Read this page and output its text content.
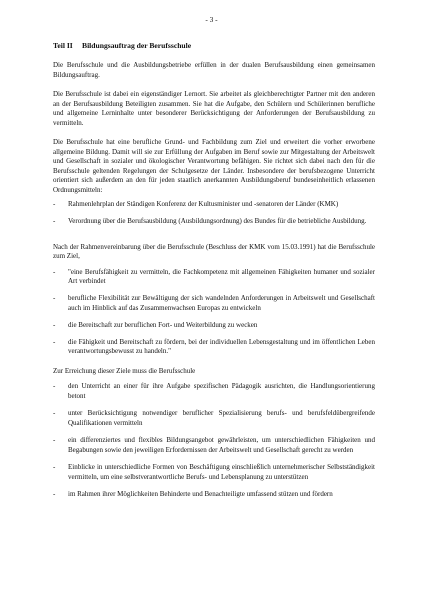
- 3 -
Teil II Bildungsauftrag der Berufsschule

Die Berufsschule und die Ausbildungsbetriebe erfüllen in der dualen Berufsausbildung einen gemeinsamen Bildungsauftrag.

Die Berufsschule ist dabei ein eigenständiger Lernort. Sie arbeitet als gleichberechtigter Partner mit den anderen an der Berufsausbildung Beteiligten zusammen. Sie hat die Aufgabe, den Schülern und Schülerinnen berufliche und allgemeine Lerninhalte unter besonderer Berücksichtigung der Anforderungen der Berufsausbildung zu vermitteln.

Die Berufsschule hat eine berufliche Grund- und Fachbildung zum Ziel und erweitert die vorher erworbene allgemeine Bildung. Damit will sie zur Erfüllung der Aufgaben im Beruf sowie zur Mitgestaltung der Arbeitswelt und Gesellschaft in sozialer und ökologischer Verantwortung befähigen. Sie richtet sich dabei nach den für die Berufsschule geltenden Regelungen der Schulgesetze der Länder. Insbesondere der berufsbezogene Unterricht orientiert sich außerdem an den für jeden staatlich anerkannten Ausbildungsberuf bundeseinheitlich erlassenen Ordnungsmitteln:

- Rahmenlehrplan der Ständigen Konferenz der Kultusminister und -senatoren der Länder (KMK)
- Verordnung über die Berufsausbildung (Ausbildungsordnung) des Bundes für die betriebliche Ausbildung.

Nach der Rahmenvereinbarung über die Berufsschule (Beschluss der KMK vom 15.03.1991) hat die Berufsschule zum Ziel,

- "eine Berufsfähigkeit zu vermitteln, die Fachkompetenz mit allgemeinen Fähigkeiten humaner und sozialer Art verbindet
- berufliche Flexibilität zur Bewältigung der sich wandelnden Anforderungen in Arbeitswelt und Gesellschaft auch im Hinblick auf das Zusammenwachsen Europas zu entwickeln
- die Bereitschaft zur beruflichen Fort- und Weiterbildung zu wecken
- die Fähigkeit und Bereitschaft zu fördern, bei der individuellen Lebensgestaltung und im öffentlichen Leben verantwortungsbewusst zu handeln."

Zur Erreichung dieser Ziele muss die Berufsschule

- den Unterricht an einer für ihre Aufgabe spezifischen Pädagogik ausrichten, die Handlungsorientierung betont
- unter Berücksichtigung notwendiger beruflicher Spezialisierung berufs- und berufsfeldübergreifende Qualifikationen vermitteln
- ein differenziertes und flexibles Bildungsangebot gewährleisten, um unterschiedlichen Fähigkeiten und Begabungen sowie den jeweiligen Erfordernissen der Arbeitswelt und Gesellschaft gerecht zu werden
- Einblicke in unterschiedliche Formen von Beschäftigung einschließlich unternehmerischer Selbstständigkeit vermitteln, um eine selbstverantwortliche Berufs- und Lebensplanung zu unterstützen
- im Rahmen ihrer Möglichkeiten Behinderte und Benachteiligte umfassend stützen und fördern
